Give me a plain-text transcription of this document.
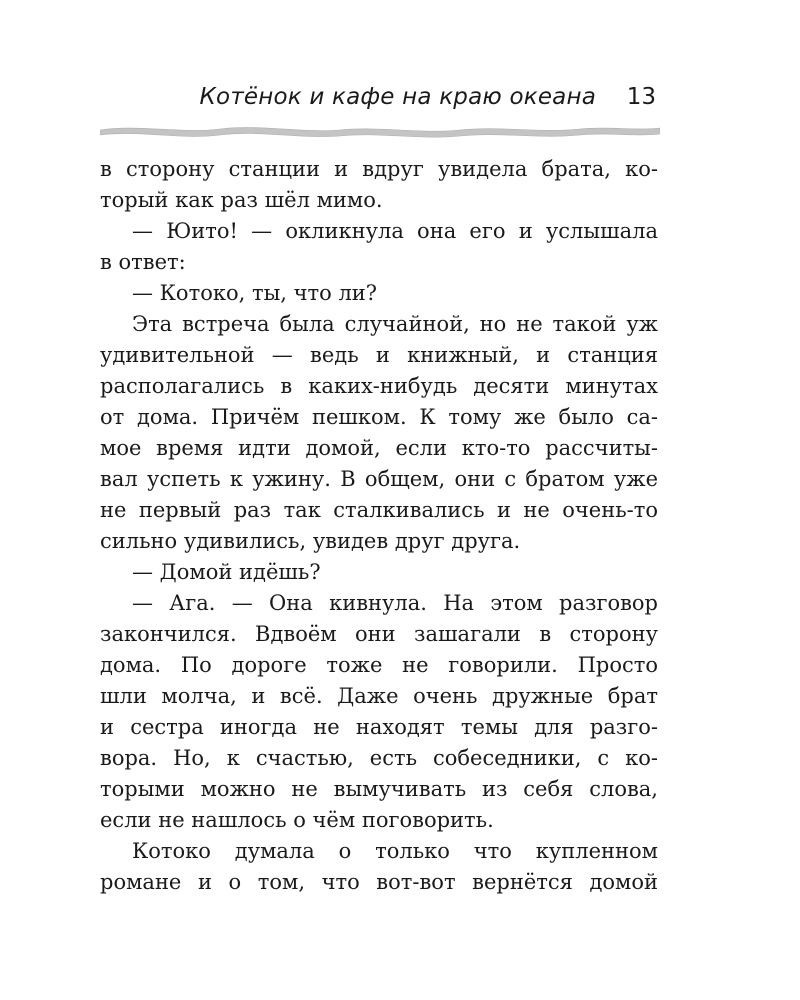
Котёнок и кафе на краю океана 13
в сторону станции и вдруг увидела брата, ко-
торый как раз шёл мимо.
— Юито! — окликнула она его и услышала
в ответ:
— Котоко, ты, что ли?
Эта встреча была случайной, но не такой уж
удивительной — ведь и книжный, и станция
располагались в каких-нибудь десяти минутах
от дома. Причём пешком. К тому же было са-
мое время идти домой, если кто-то рассчиты-
вал успеть к ужину. В общем, они с братом уже
не первый раз так сталкивались и не очень-то
сильно удивились, увидев друг друга.
— Домой идёшь?
— Ага. — Она кивнула. На этом разговор
закончился. Вдвоём они зашагали в сторону
дома. По дороге тоже не говорили. Просто
шли молча, и всё. Даже очень дружные брат
и сестра иногда не находят темы для разго-
вора. Но, к счастью, есть собеседники, с ко-
торыми можно не вымучивать из себя слова,
если не нашлось о чём поговорить.
Котоко думала о только что купленном
романе и о том, что вот-вот вернётся домой
